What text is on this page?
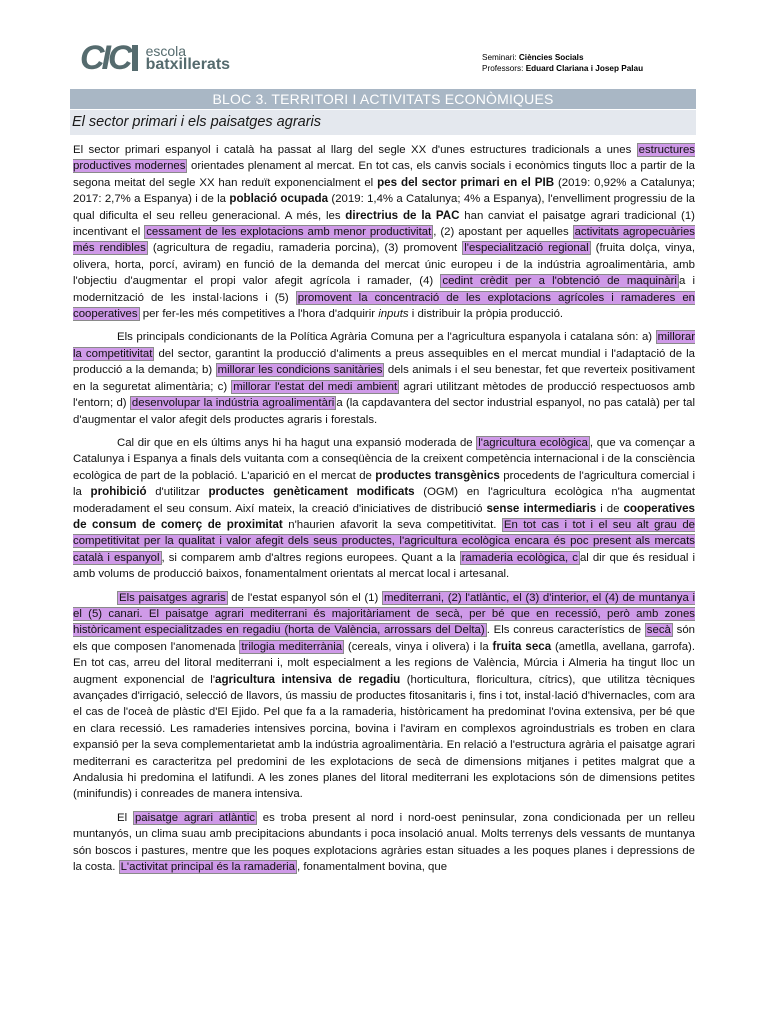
CIC escola
batxillerats	Seminari: Ciències Socials
Professors: Eduard Clariana i Josep Palau
BLOC 3. TERRITORI I ACTIVITATS ECONÒMIQUES
El sector primari i els paisatges agraris

El sector primari espanyol i català ha passat al llarg del segle XX d'unes estructures tradicionals a unes estructures productives modernes orientades plenament al mercat. En tot cas, els canvis socials i econòmics tinguts lloc a partir de la segona meitat del segle XX han reduït exponencialment el pes del sector primari en el PIB (2019: 0,92% a Catalunya; 2017: 2,7% a Espanya) i de la població ocupada (2019: 1,4% a Catalunya; 4% a Espanya), l'envelliment progressiu de la qual dificulta el seu relleu generacional. A més, les directrius de la PAC han canviat el paisatge agrari tradicional (1) incentivant el cessament de les explotacions amb menor productivitat , (2) apostant per aquelles activitats agropecuàries més rendibles (agricultura de regadiu, ramaderia porcina), (3) promovent l'especialització regional (fruita dolça, vinya, olivera, horta, porcí, aviram) en funció de la demanda del mercat únic europeu i de la indústria agroalimentària, amb l'objectiu d'augmentar el propi valor afegit agrícola i ramader, (4) cedint crèdit per a l'obtenció de maquinàri a i modernització de les instal·lacions i (5) promovent la concentració de les explotacions agrícoles i ramaderes en cooperatives per fer-les més competitives a l'hora d'adquirir inputs i distribuir la pròpia producció.

Els principals condicionants de la Política Agrària Comuna per a l'agricultura espanyola i catalana són: a) millorar la competitivitat del sector, garantint la producció d'aliments a preus assequibles en el mercat mundial i l'adaptació de la producció a la demanda; b) millorar les condicions sanitàries dels animals i el seu benestar, fet que reverteix positivament en la seguretat alimentària; c) millorar l'estat del medi ambient agrari utilitzant mètodes de producció respectuosos amb l'entorn; d) desenvolupar la indústria agroalimentàri a (la capdavantera del sector industrial espanyol, no pas català) per tal d'augmentar el valor afegit dels productes agraris i forestals.

Cal dir que en els últims anys hi ha hagut una expansió moderada de l'agricultura ecològica , que va començar a Catalunya i Espanya a finals dels vuitanta com a conseqüència de la creixent competència internacional i de la consciència ecològica de part de la població. L'aparició en el mercat de productes transgènics procedents de l'agricultura comercial i la prohibició d'utilitzar productes genèticament modificats (OGM) en l'agricultura ecològica n'ha augmentat moderadament el seu consum. Així mateix, la creació d'iniciatives de distribució sense intermediaris i de cooperatives de consum de comerç de proximitat n'haurien afavorit la seva competitivitat. En tot cas i tot i el seu alt grau de competitivitat per la qualitat i valor afegit dels seus productes, l'agricultura ecològica encara és poc present als mercats català i espanyol , si comparem amb d'altres regions europees. Quant a la ramaderia ecològica, c al dir que és residual i amb volums de producció baixos, fonamentalment orientats al mercat local i artesanal.

Els paisatges agraris de l'estat espanyol són el (1) mediterrani, (2) l'atlàntic, el (3) d'interior, el (4) de muntanya i el (5) canari. El paisatge agrari mediterrani és majoritàriament de secà, per bé que en recessió, però amb zones històricament especialitzades en regadiu (horta de València, arrossars del Delta) . Els conreus característics de secà són els que composen l'anomenada trilogia mediterrània (cereals, vinya i olivera) i la fruita seca (ametlla, avellana, garrofa). En tot cas, arreu del litoral mediterrani i, molt especialment a les regions de València, Múrcia i Almeria ha tingut lloc un augment exponencial de l'agricultura intensiva de regadiu (horticultura, floricultura, cítrics), que utilitza tècniques avançades d'irrigació, selecció de llavors, ús massiu de productes fitosanitaris i, fins i tot, instal·lació d'hivernacles, com ara el cas de l'oceà de plàstic d'El Ejido. Pel que fa a la ramaderia, històricament ha predominat l'ovina extensiva, per bé que en clara recessió. Les ramaderies intensives porcina, bovina i l'aviram en complexos agroindustrials es troben en clara expansió per la seva complementarietat amb la indústria agroalimentària. En relació a l'estructura agrària el paisatge agrari mediterrani es caracteritza pel predomini de les explotacions de secà de dimensions mitjanes i petites malgrat que a Andalusia hi predomina el latifundi. A les zones planes del litoral mediterrani les explotacions són de dimensions petites (minifundis) i conreades de manera intensiva.

El paisatge agrari atlàntic es troba present al nord i nord-oest peninsular, zona condicionada per un relleu muntanyós, un clima suau amb precipitacions abundants i poca insolació anual. Molts terrenys dels vessants de muntanya són boscos i pastures, mentre que les poques explotacions agràries estan situades a les poques planes i depressions de la costa. L'activitat principal és la ramaderia , fonamentalment bovina, que
